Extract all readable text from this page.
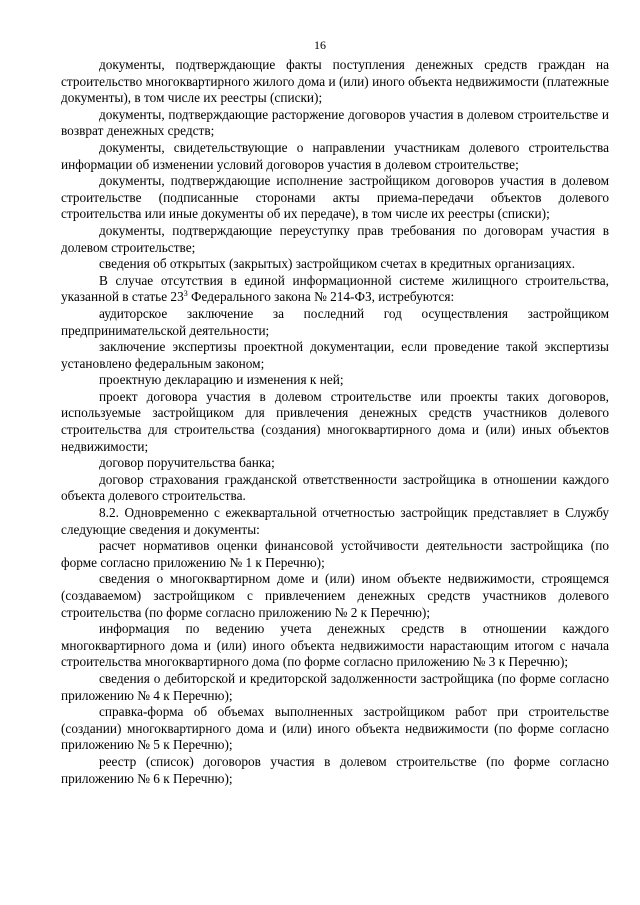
16

документы, подтверждающие факты поступления денежных средств граждан на строительство многоквартирного жилого дома и (или) иного объекта недвижимости (платежные документы), в том числе их реестры (списки);

документы, подтверждающие расторжение договоров участия в долевом строительстве и возврат денежных средств;

документы, свидетельствующие о направлении участникам долевого строительства информации об изменении условий договоров участия в долевом строительстве;

документы, подтверждающие исполнение застройщиком договоров участия в долевом строительстве (подписанные сторонами акты приема-передачи объектов долевого строительства или иные документы об их передаче), в том числе их реестры (списки);

документы, подтверждающие переуступку прав требования по договорам участия в долевом строительстве;

сведения об открытых (закрытых) застройщиком счетах в кредитных организациях.

В случае отсутствия в единой информационной системе жилищного строительства, указанной в статье $23^3$ Федерального закона № 214-ФЗ, истребуются:

аудиторское заключение за последний год осуществления застройщиком предпринимательской деятельности;

заключение экспертизы проектной документации, если проведение такой экспертизы установлено федеральным законом;

проектную декларацию и изменения к ней;

проект договора участия в долевом строительстве или проекты таких договоров, используемые застройщиком для привлечения денежных средств участников долевого строительства для строительства (создания) многоквартирного дома и (или) иных объектов недвижимости;

договор поручительства банка;

договор страхования гражданской ответственности застройщика в отношении каждого объекта долевого строительства.

8.2. Одновременно с ежеквартальной отчетностью застройщик представляет в Службу следующие сведения и документы:

расчет нормативов оценки финансовой устойчивости деятельности застройщика (по форме согласно приложению № 1 к Перечню);

сведения о многоквартирном доме и (или) ином объекте недвижимости, строящемся (создаваемом) застройщиком с привлечением денежных средств участников долевого строительства (по форме согласно приложению № 2 к Перечню);

информация по ведению учета денежных средств в отношении каждого многоквартирного дома и (или) иного объекта недвижимости нарастающим итогом с начала строительства многоквартирного дома (по форме согласно приложению № 3 к Перечню);

сведения о дебиторской и кредиторской задолженности застройщика (по форме согласно приложению № 4 к Перечню);

справка-форма об объемах выполненных застройщиком работ при строительстве (создании) многоквартирного дома и (или) иного объекта недвижимости (по форме согласно приложению № 5 к Перечню);

реестр (список) договоров участия в долевом строительстве (по форме согласно приложению № 6 к Перечню);
